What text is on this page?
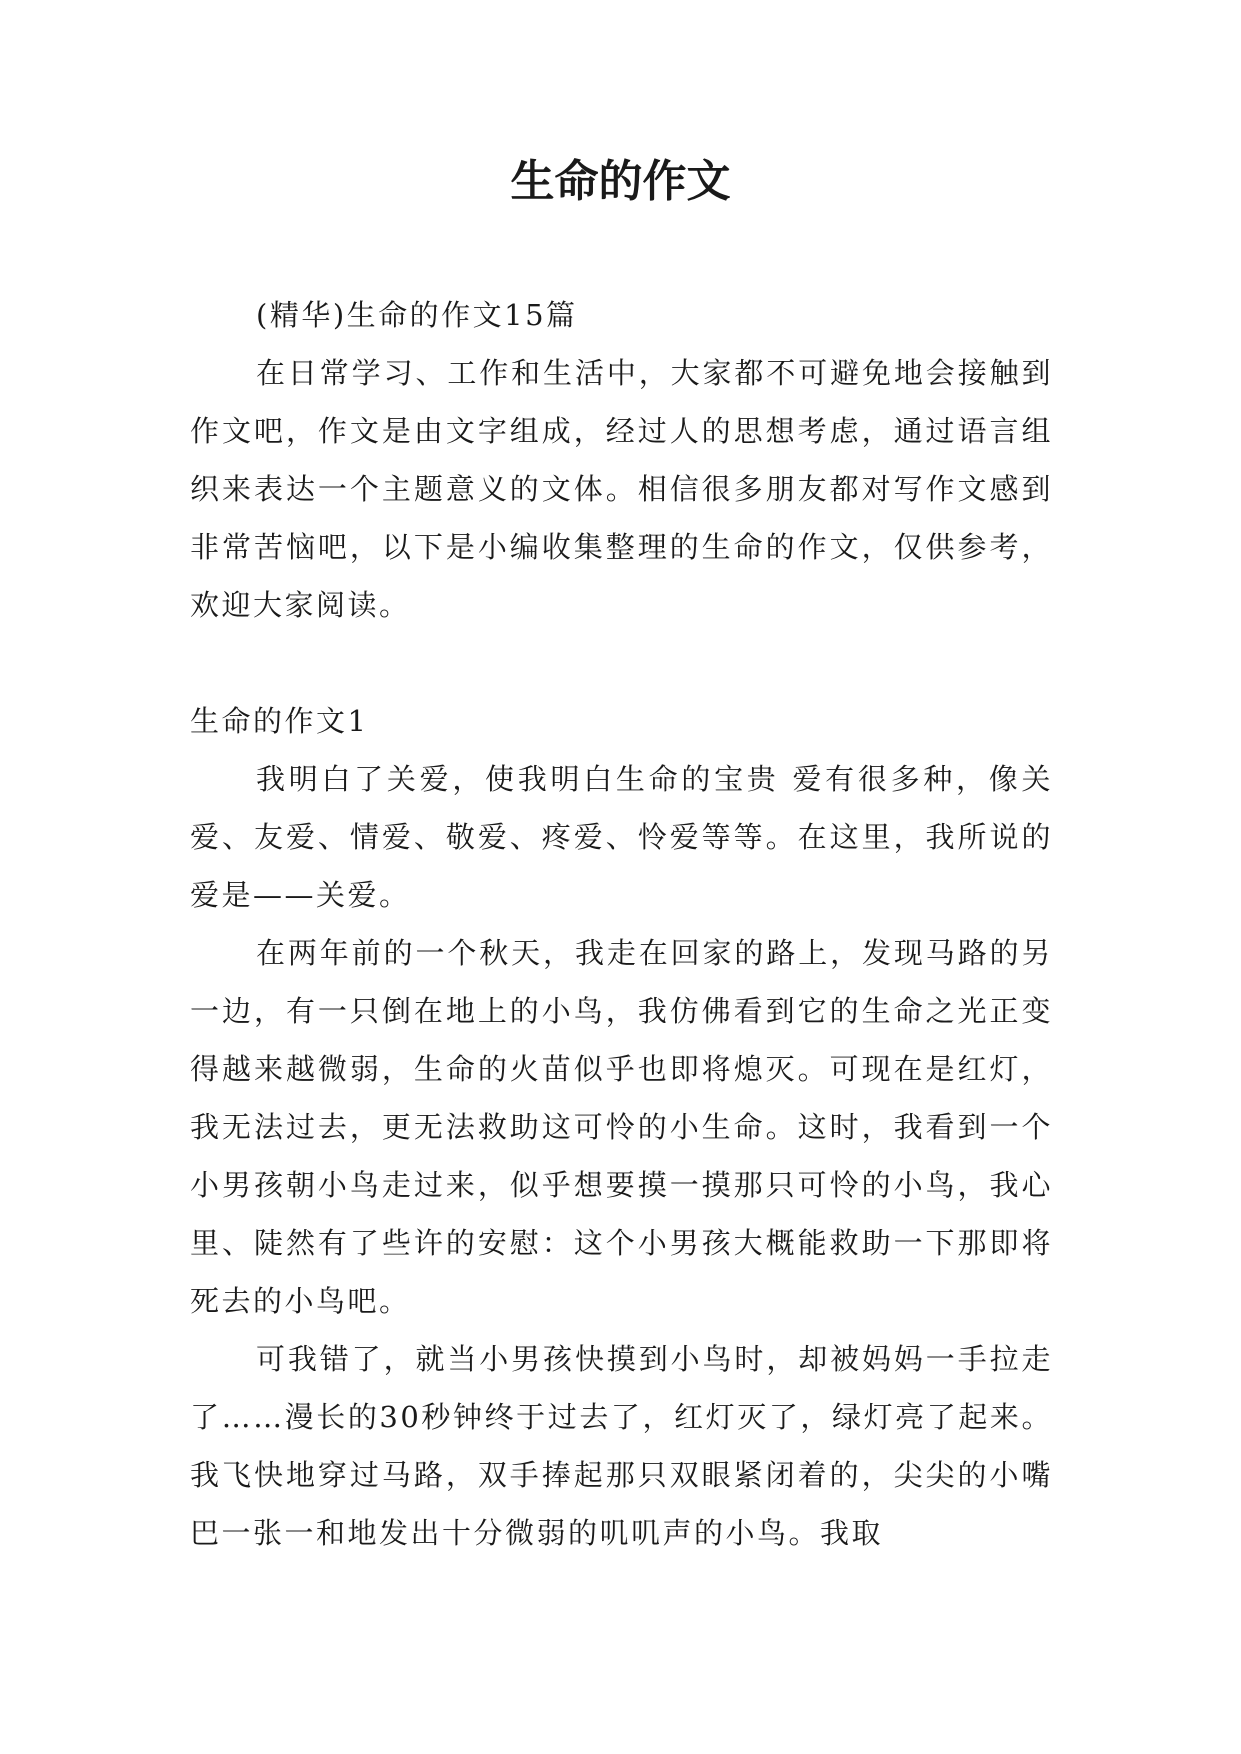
生命的作文

(精华)生命的作文15篇

在日常学习、工作和生活中，大家都不可避免地会接触到作文吧，作文是由文字组成，经过人的思想考虑，通过语言组织来表达一个主题意义的文体。相信很多朋友都对写作文感到非常苦恼吧，以下是小编收集整理的生命的作文，仅供参考，欢迎大家阅读。

生命的作文1

我明白了关爱，使我明白生命的宝贵 爱有很多种，像关爱、友爱、情爱、敬爱、疼爱、怜爱等等。在这里，我所说的爱是——关爱。

在两年前的一个秋天，我走在回家的路上，发现马路的另一边，有一只倒在地上的小鸟，我仿佛看到它的生命之光正变得越来越微弱，生命的火苗似乎也即将熄灭。可现在是红灯，我无法过去，更无法救助这可怜的小生命。这时，我看到一个小男孩朝小鸟走过来，似乎想要摸一摸那只可怜的小鸟，我心里、陡然有了些许的安慰：这个小男孩大概能救助一下那即将死去的小鸟吧。

可我错了，就当小男孩快摸到小鸟时，却被妈妈一手拉走了……漫长的30秒钟终于过去了，红灯灭了，绿灯亮了起来。我飞快地穿过马路，双手捧起那只双眼紧闭着的，尖尖的小嘴巴一张一和地发出十分微弱的叽叽声的小鸟。我取
